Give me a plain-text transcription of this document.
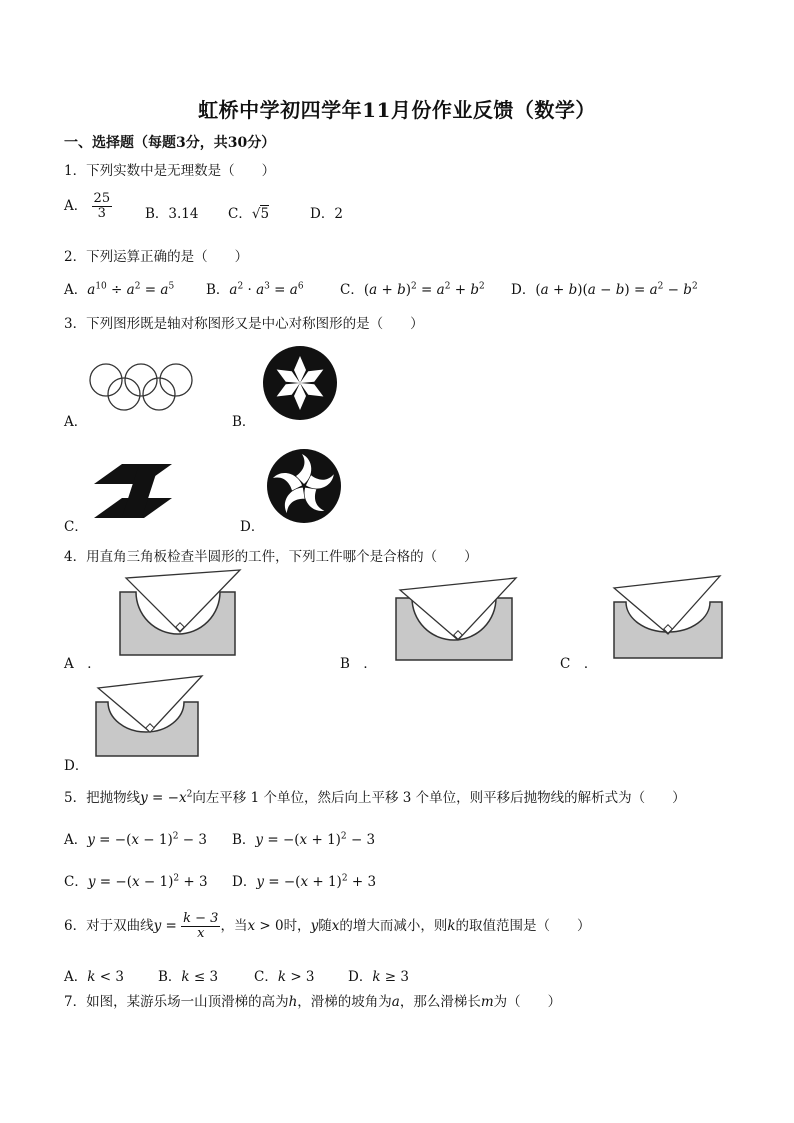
虹桥中学初四学年11月份作业反馈（数学）
一、选择题（每题3分，共30分）
1．下列实数中是无理数是（　　）
A． $\frac{25}{3}$ B．3.14 C．√5	D．2
2．下列运算正确的是（　　）
A．$a^{10} \div a^2 = a^5$ B．$a^2 \cdot a^3 = a^6$	C．$(a + b)^2 = a^2 + b^2$ D．$(a + b)(a - b) = a^2 - b^2$
3．下列图形既是轴对称图形又是中心对称图形的是（　　）
A．	B．
C．	D．
4．用直角三角板检查半圆形的工件，下列工件哪个是合格的（　　）
A　．	B　．	C　．
D．
5．把抛物线$y = -x^2$向左平移 1 个单位，然后向上平移 3 个单位，则平移后抛物线的解析式为（　　）
A．$y = -(x - 1)^2 - 3$ B．$y = -(x + 1)^2 - 3$
C．$y = -(x - 1)^2 + 3$ D．$y = -(x + 1)^2 + 3$
6．对于双曲线$y = \frac{k - 3}{x}$ ，当x > 0时，y随x的增大而减小，则k的取值范围是（　　）
A．k < 3	B．k ≤ 3	C．k > 3 D．k ≥ 3
7．如图，某游乐场一山顶滑梯的高为h，滑梯的坡角为a，那么滑梯长m为（　　）
